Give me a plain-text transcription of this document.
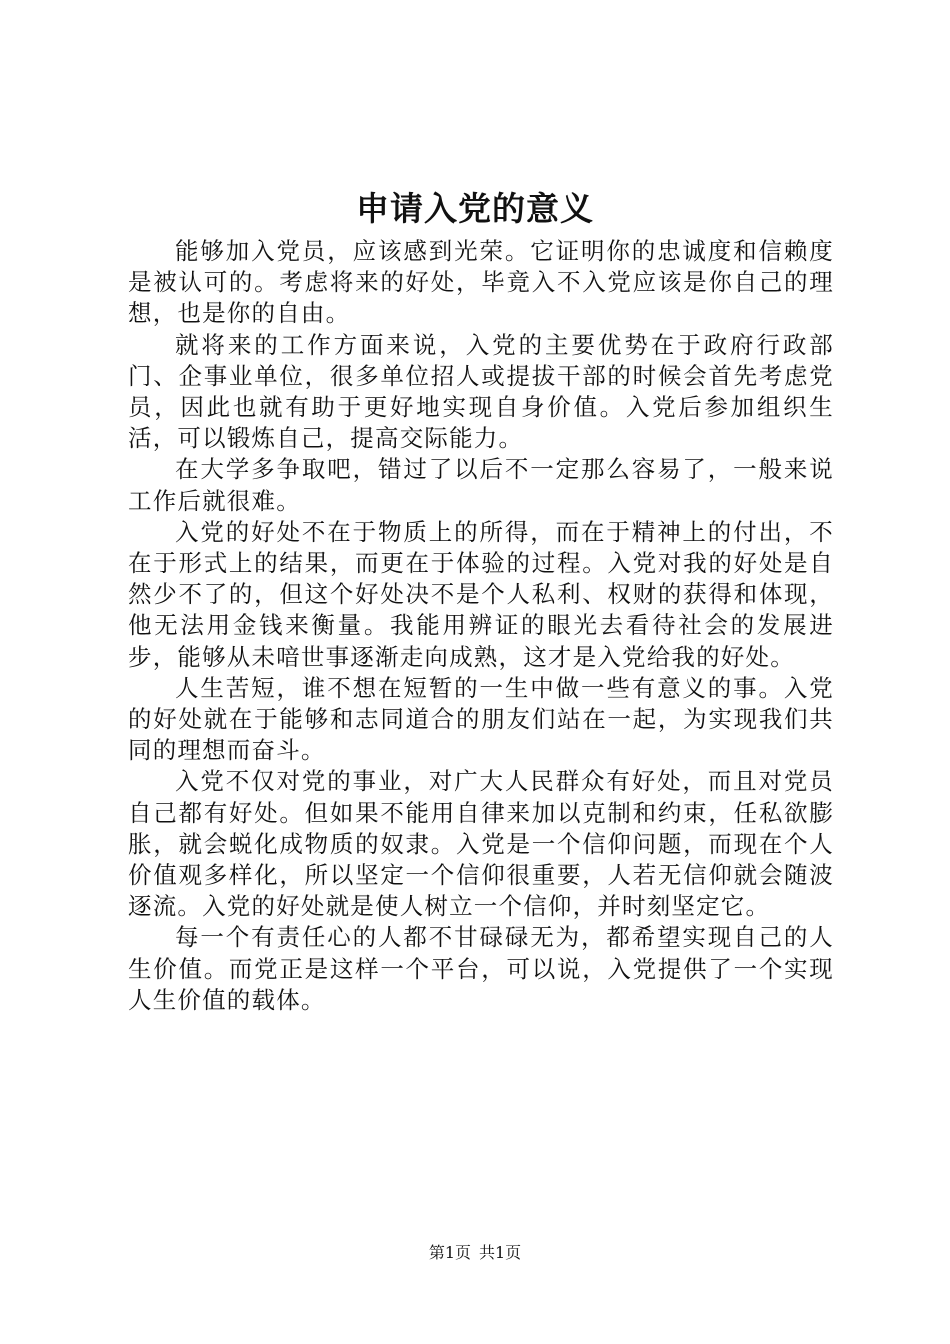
申请入党的意义

能够加入党员，应该感到光荣。它证明你的忠诚度和信赖度是被认可的。考虑将来的好处，毕竟入不入党应该是你自己的理想，也是你的自由。

就将来的工作方面来说，入党的主要优势在于政府行政部门、企事业单位，很多单位招人或提拔干部的时候会首先考虑党员，因此也就有助于更好地实现自身价值。入党后参加组织生活，可以锻炼自己，提高交际能力。

在大学多争取吧，错过了以后不一定那么容易了，一般来说工作后就很难。

入党的好处不在于物质上的所得，而在于精神上的付出，不在于形式上的结果，而更在于体验的过程。入党对我的好处是自然少不了的，但这个好处决不是个人私利、权财的获得和体现，他无法用金钱来衡量。我能用辨证的眼光去看待社会的发展进步，能够从未喑世事逐渐走向成熟，这才是入党给我的好处。

人生苦短，谁不想在短暂的一生中做一些有意义的事。入党的好处就在于能够和志同道合的朋友们站在一起，为实现我们共同的理想而奋斗。

入党不仅对党的事业，对广大人民群众有好处，而且对党员自己都有好处。但如果不能用自律来加以克制和约束，任私欲膨胀，就会蜕化成物质的奴隶。入党是一个信仰问题，而现在个人价值观多样化，所以坚定一个信仰很重要，人若无信仰就会随波逐流。入党的好处就是使人树立一个信仰，并时刻坚定它。

每一个有责任心的人都不甘碌碌无为，都希望实现自己的人生价值。而党正是这样一个平台，可以说，入党提供了一个实现人生价值的载体。

第1页 共1页
